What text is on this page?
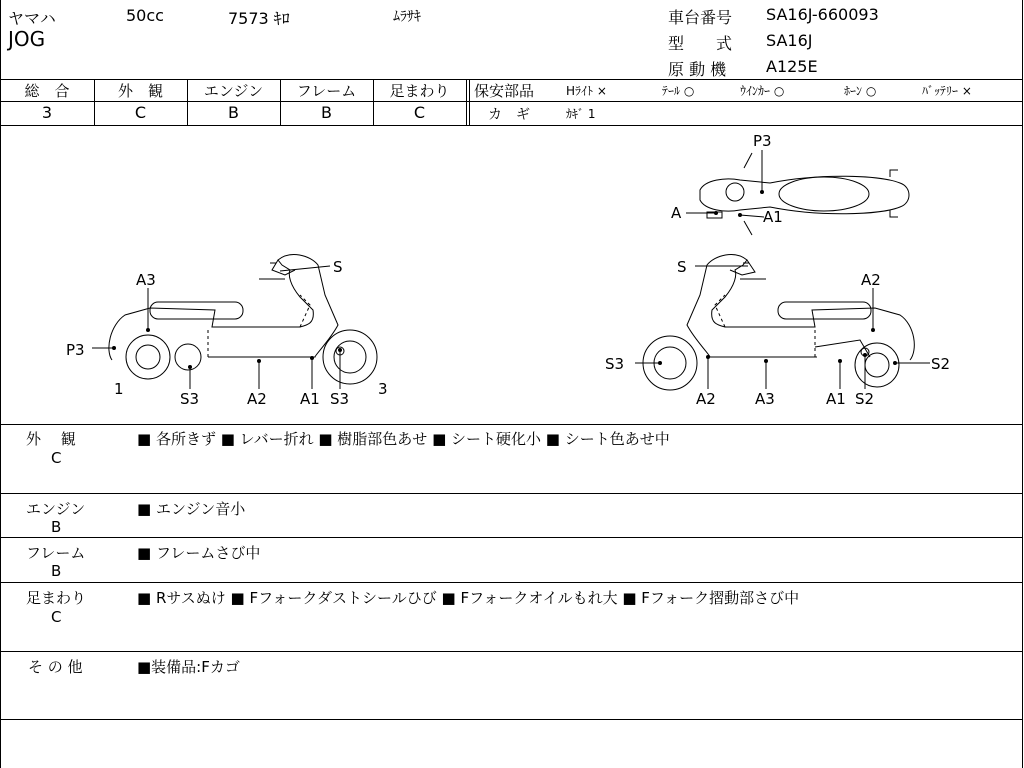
ヤマハ	50cc	7573 ｷﾛ	ﾑﾗｻｷ
JOG
車台番号 SA16J-660093
型　　式 SA16J
原 動 機 A125E
総　合	外　観	エンジン	フレーム	足まわり
3	C	B	B	C
保安部品	Hﾗｲﾄ ×	ﾃｰﾙ ○	ｳｲﾝｶｰ ○	ﾎｰﾝ ○	ﾊﾞｯﾃﾘｰ ×
カ　ギ	ｶｷﾞ 1
A3
S
P3
1
S3	A2 A1 S3
3
P3
A	A1
S
A2
S3	S2
A2	A3	A1 S2
外　 観
C
■ 各所きず ■ レバー折れ ■ 樹脂部色あせ ■ シート硬化小 ■ シート色あせ中
エンジン
B
■ エンジン音小
フレーム
B
■ フレームさび中
足まわり
C
■ Rサスぬけ ■ Fフォークダストシールひび ■ Fフォークオイルもれ大 ■ Fフォーク摺動部さび中
そ の 他	■装備品:Fカゴ
